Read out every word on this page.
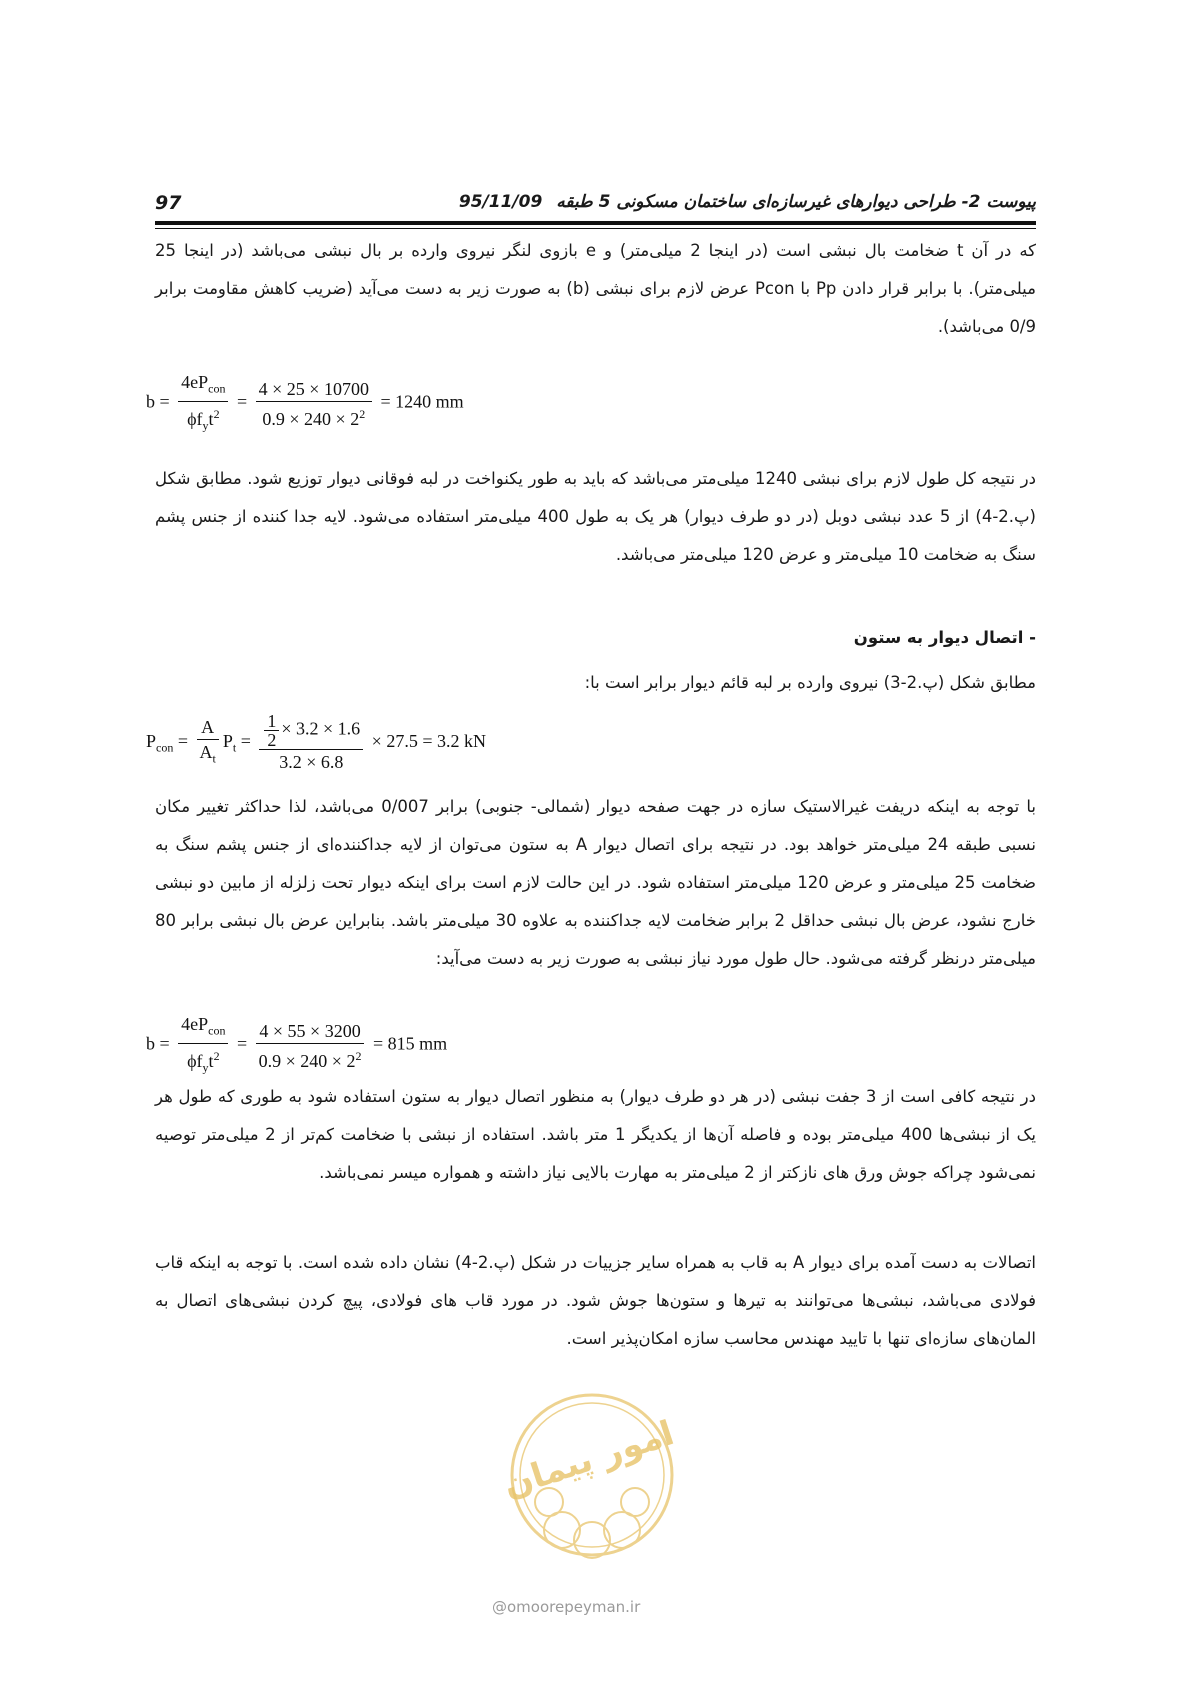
97	پیوست 2- طراحی دیوارهای غیرسازه‌ای ساختمان مسکونی 5 طبقه95/11/09

که در آن t ضخامت بال نبشی است (در اینجا 2 میلی‌متر) و e بازوی لنگر نیروی وارده بر بال نبشی می‌باشد (در اینجا 25 میلی‌متر). با برابر قرار دادن Pp با Pcon عرض لازم برای نبشی (b) به صورت زیر به دست می‌آید (ضریب کاهش مقاومت برابر 0/9 می‌باشد).

$b = \frac{4eP_{con}}{\phi f_yt^2} = \frac{4 \times 25 \times 10700}{0.9 \times 240 \times 2^2} = 1240$ mm

در نتیجه کل طول لازم برای نبشی 1240 میلی‌متر می‌باشد که باید به طور یکنواخت در لبه فوقانی دیوار توزیع شود. مطابق شکل (پ.2-4) از 5 عدد نبشی دوبل (در دو طرف دیوار) هر یک به طول 400 میلی‌متر استفاده می‌شود. لایه جدا کننده از جنس پشم سنگ به ضخامت 10 میلی‌متر و عرض 120 میلی‌متر می‌باشد.

- اتصال دیوار به ستون

مطابق شکل (پ.2-3) نیروی وارده بر لبه قائم دیوار برابر است با:

$P_{con} = \frac{A}{A_t} P_t = \frac{\frac{1}{2} \times 3.2 \times 1.6}{3.2 \times 6.8} \times 27.5 = 3.2$ kN

با توجه به اینکه دریفت غیرالاستیک سازه در جهت صفحه دیوار (شمالی- جنوبی) برابر 0/007 می‌باشد، لذا حداکثر تغییر مکان نسبی طبقه 24 میلی‌متر خواهد بود. در نتیجه برای اتصال دیوار A به ستون می‌توان از لایه جداکننده‌ای از جنس پشم سنگ به ضخامت 25 میلی‌متر و عرض 120 میلی‌متر استفاده شود. در این حالت لازم است برای اینکه دیوار تحت زلزله از مابین دو نبشی خارج نشود، عرض بال نبشی حداقل 2 برابر ضخامت لایه جداکننده به علاوه 30 میلی‌متر باشد. بنابراین عرض بال نبشی برابر 80 میلی‌متر درنظر گرفته می‌شود. حال طول مورد نیاز نبشی به صورت زیر به دست می‌آید:

$b = \frac{4eP_{con}}{\phi f_yt^2} = \frac{4 \times 55 \times 3200}{0.9 \times 240 \times 2^2} = 815$ mm

در نتیجه کافی است از 3 جفت نبشی (در هر دو طرف دیوار) به منظور اتصال دیوار به ستون استفاده شود به طوری که طول هر یک از نبشی‌ها 400 میلی‌متر بوده و فاصله آن‌ها از یکدیگر 1 متر باشد. استفاده از نبشی با ضخامت کم‌تر از 2 میلی‌متر توصیه نمی‌شود چراکه جوش ورق های نازکتر از 2 میلی‌متر به مهارت بالایی نیاز داشته و همواره میسر نمی‌باشد.

اتصالات به دست آمده برای دیوار A به قاب به همراه سایر جزییات در شکل (پ.2-4) نشان داده شده است. با توجه به اینکه قاب فولادی می‌باشد، نبشی‌ها می‌توانند به تیرها و ستون‌ها جوش شود. در مورد قاب های فولادی، پیچ کردن نبشی‌های اتصال به المان‌های سازه‌ای تنها با تایید مهندس محاسب سازه امکان‌پذیر است.

امور پیمان
@omoorepeyman.ir
